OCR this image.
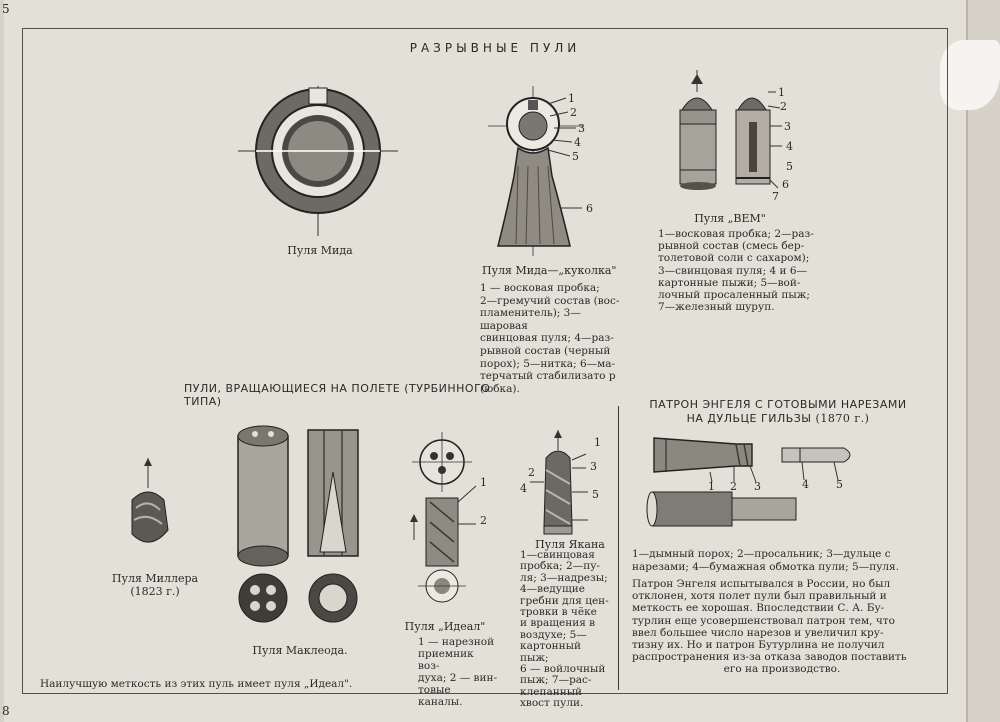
5
8
РАЗРЫВНЫЕ ПУЛИ
Пуля Мида
1
2
3
4
5
6
Пуля Мида—„куколка"
1 — восковая пробка;
2—гремучий состав (вос-
пламенитель); 3—шаровая
свинцовая пуля; 4—раз-
рывной состав (черный
порох); 5—нитка; 6—ма-
терчатый стабилизато р
(юбка).
1
2
3
4
5
6
7
Пуля „ВЕМ"
1—восковая пробка; 2—раз-
рывной состав (смесь бер-
толетовой соли с сахаром);
3—свинцовая пуля; 4 и 6—
картонные пыжи; 5—вой-
лочный просаленный пыж;
7—железный шуруп.
ПУЛИ, ВРАЩАЮЩИЕСЯ НА ПОЛЕТЕ (ТУРБИННОГО ТИПА)
Пуля Миллера
(1823 г.)
Пуля Маклеода.
1
2
Пуля „Идеал"
1 — нарезной
приемник воз-
духа; 2 — вин-
товые каналы.
1
2	3
4	5
Пуля Якана
1—свинцовая
пробка; 2—пу-
ля; 3—надрезы;
4—ведущие
гребни для цен-
тровки в чёке
и вращения в
воздухе; 5—
картонный пыж;
6 — войлочный
пыж; 7—рас-
клепанный
хвост пули.
ПАТРОН ЭНГЕЛЯ С ГОТОВЫМИ НАРЕЗАМИ
НА ДУЛЬЦЕ ГИЛЬЗЫ (1870 г.)
1 2 3	4 5
1—дымный порох; 2—просальник; 3—дульце с
нарезами; 4—бумажная обмотка пули; 5—пуля.
Патрон Энгеля испытывался в России, но был
отклонен, хотя полет пули был правильный и
меткость ее хорошая. Впоследствии С. А. Бу-
турлин еще усовершенствовал патрон тем, что
ввел большее число нарезов и увеличил кру-
тизну их. Но и патрон Бутурлина не получил
распространения из-за отказа заводов поставить
его на производство.
Наилучшую меткость из этих пуль имеет пуля „Идеал".
